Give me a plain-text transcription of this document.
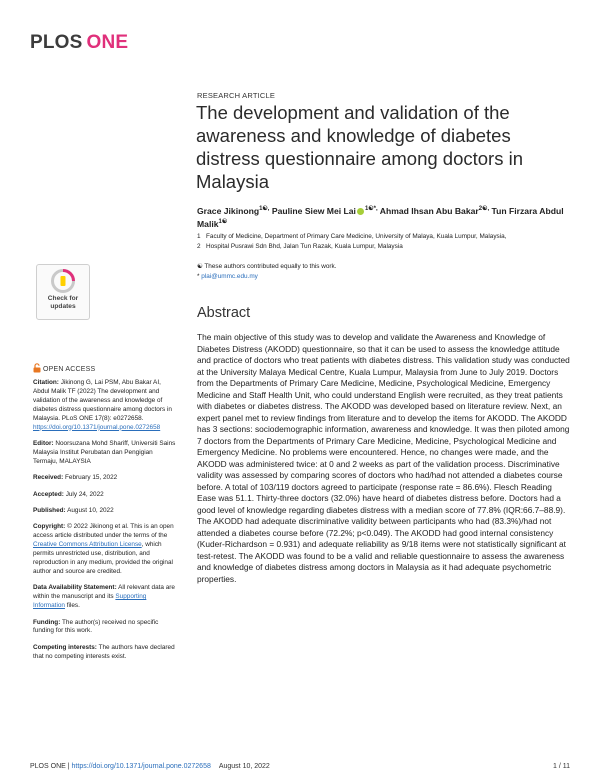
PLOS ONE
RESEARCH ARTICLE
The development and validation of the awareness and knowledge of diabetes distress questionnaire among doctors in Malaysia
Grace Jikinong$^{1☯,}$ Pauline Siew Mei Lai $^{1☯*,}$ Ahmad Ihsan Abu Bakar$^{2☯,}$ Tun Firzara Abdul Malik$^{1☯}$
1 Faculty of Medicine, Department of Primary Care Medicine, University of Malaya, Kuala Lumpur, Malaysia,
2 Hospital Pusrawi Sdn Bhd, Jalan Tun Razak, Kuala Lumpur, Malaysia
☯ These authors contributed equally to this work.
* plai@ummc.edu.my
Abstract
The main objective of this study was to develop and validate the Awareness and Knowledge of Diabetes Distress (AKODD) questionnaire, so that it can be used to assess the knowledge attitude and practice of doctors who treat patients with diabetes distress. This validation study was conducted at the University Malaya Medical Centre, Kuala Lumpur, Malaysia from June to July 2019. Doctors from the Departments of Primary Care Medicine, Medicine, Psychological Medicine, Emergency Medicine and Staff Health Unit, who could understand English were recruited, as they treat patients with diabetes or diabetes distress. The AKODD was developed based on literature review. Next, an expert panel met to review findings from literature and to develop the items for AKODD. The AKODD has 3 sections: sociodemographic information, awareness and knowledge. It was then piloted among 7 doctors from the Departments of Primary Care Medicine, Medicine, Psychological Medicine and Emergency Medicine. No problems were encountered. Hence, no changes were made, and the AKODD was administered twice: at 0 and 2 weeks as part of the validation process. Discriminative validity was assessed by comparing scores of doctors who had/had not attended a diabetes course before. A total of 103/119 doctors agreed to participate (response rate = 86.6%). Flesch Reading Ease was 51.1. Thirty-three doctors (32.0%) have heard of diabetes distress before. Doctors had a good level of knowledge regarding diabetes distress with a median score of 77.8% (IQR:66.7–88.9). The AKODD had adequate discriminative validity between participants who had (83.3%)/had not attended a diabetes course before (72.2%; p<0.049). The AKODD had good internal consistency (Kuder-Richardson = 0.931) and adequate reliability as 9/18 items were not statistically significant at test-retest. The AKODD was found to be a valid and reliable questionnaire to assess the awareness and knowledge of diabetes distress among doctors in Malaysia as it had adequate psychometric properties.
Check for
updates
OPEN ACCESS

Citation: Jikinong G, Lai PSM, Abu Bakar AI, Abdul Malik TF (2022) The development and validation of the awareness and knowledge of diabetes distress questionnaire among doctors in Malaysia. PLoS ONE 17(8): e0272658. https://doi.org/10.1371/journal.pone.0272658

Editor: Noorsuzana Mohd Shariff, Universiti Sains Malaysia Institut Perubatan dan Pengigian Termaju, MALAYSIA

Received: February 15, 2022

Accepted: July 24, 2022

Published: August 10, 2022

Copyright: © 2022 Jikinong et al. This is an open access article distributed under the terms of the Creative Commons Attribution License, which permits unrestricted use, distribution, and reproduction in any medium, provided the original author and source are credited.

Data Availability Statement: All relevant data are within the manuscript and its Supporting Information files.

Funding: The author(s) received no specific funding for this work.

Competing interests: The authors have declared that no competing interests exist.

PLOS ONE | https://doi.org/10.1371/journal.pone.0272658 August 10, 2022	1 / 11
